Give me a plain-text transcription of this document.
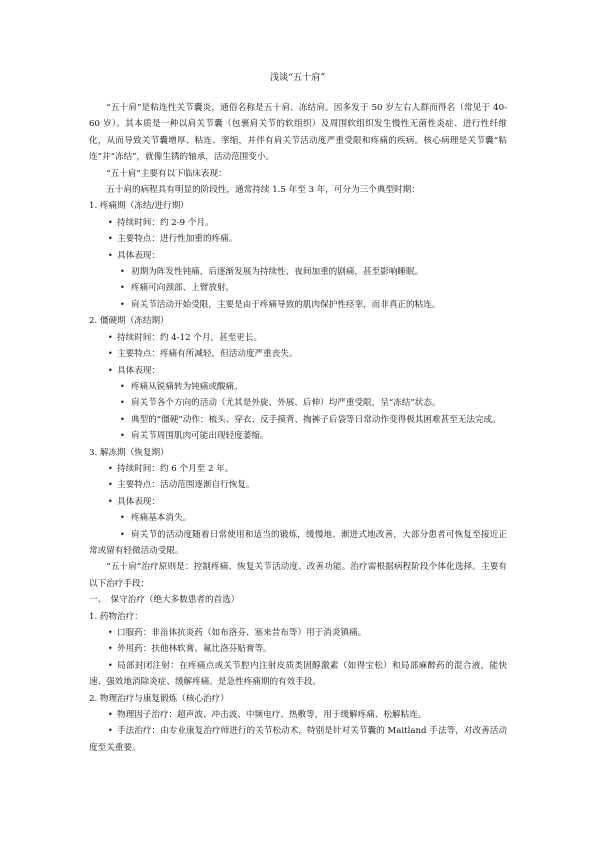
浅谈“五十肩”
“五十肩”是粘连性关节囊炎，通俗名称是五十肩、冻结肩。因多发于 50 岁左右人群而得名（常见于 40-60 岁）。其本质是一种以肩关节囊（包裹肩关节的软组织）及周围软组织发生慢性无菌性炎症、进行性纤维化，从而导致关节囊增厚、粘连、挛缩，并伴有肩关节活动度严重受限和疼痛的疾病。核心病理是关节囊“粘连”并“冻结”，就像生锈的轴承，活动范围变小。
“五十肩”主要有以下临床表现：
五十肩的病程具有明显的阶段性，通常持续 1.5 年至 3 年，可分为三个典型时期：
1. 疼痛期（冻结/进行期）
• 持续时间：约 2-9 个月。
• 主要特点：进行性加重的疼痛。
• 具体表现：
• 初期为阵发性钝痛，后逐渐发展为持续性、夜间加重的剧痛，甚至影响睡眠。
• 疼痛可向颈部、上臂放射。
• 肩关节活动开始受限，主要是由于疼痛导致的肌肉保护性痉挛，而非真正的粘连。
2. 僵硬期（冻结期）
• 持续时间：约 4-12 个月，甚至更长。
• 主要特点：疼痛有所减轻，但活动度严重丧失。
• 具体表现：
• 疼痛从锐痛转为钝痛或酸痛。
• 肩关节各个方向的活动（尤其是外旋、外展、后伸）均严重受限，呈“冻结”状态。
• 典型的“僵硬”动作：梳头、穿衣、反手摸背、掏裤子后袋等日常动作变得极其困难甚至无法完成。
• 肩关节周围肌肉可能出现轻度萎缩。
3. 解冻期（恢复期）
• 持续时间：约 6 个月至 2 年。
• 主要特点：活动范围逐渐自行恢复。
• 具体表现：
• 疼痛基本消失。
• 肩关节的活动度随着日常使用和适当的锻炼，缓慢地、渐进式地改善，大部分患者可恢复至接近正常或留有轻微活动受限。
“五十肩”治疗原则是：控制疼痛、恢复关节活动度、改善功能。治疗需根据病程阶段个体化选择。主要有以下治疗手段：
一、　保守治疗（绝大多数患者的首选）
1. 药物治疗：
• 口服药：非甾体抗炎药（如布洛芬、塞来昔布等）用于消炎镇痛。
• 外用药：扶他林软膏、氟比洛芬贴膏等。
• 局部封闭注射：在疼痛点或关节腔内注射皮质类固醇激素（如得宝松）和局部麻醉药的混合液，能快速、强效地消除炎症、缓解疼痛。是急性疼痛期的有效手段。
2. 物理治疗与康复锻炼（核心治疗）
• 物理因子治疗：超声波、冲击波、中频电疗、热敷等，用于缓解疼痛、松解粘连。
• 手法治疗：由专业康复治疗师进行的关节松动术，特别是针对关节囊的 Maitland 手法等，对改善活动度至关重要。
